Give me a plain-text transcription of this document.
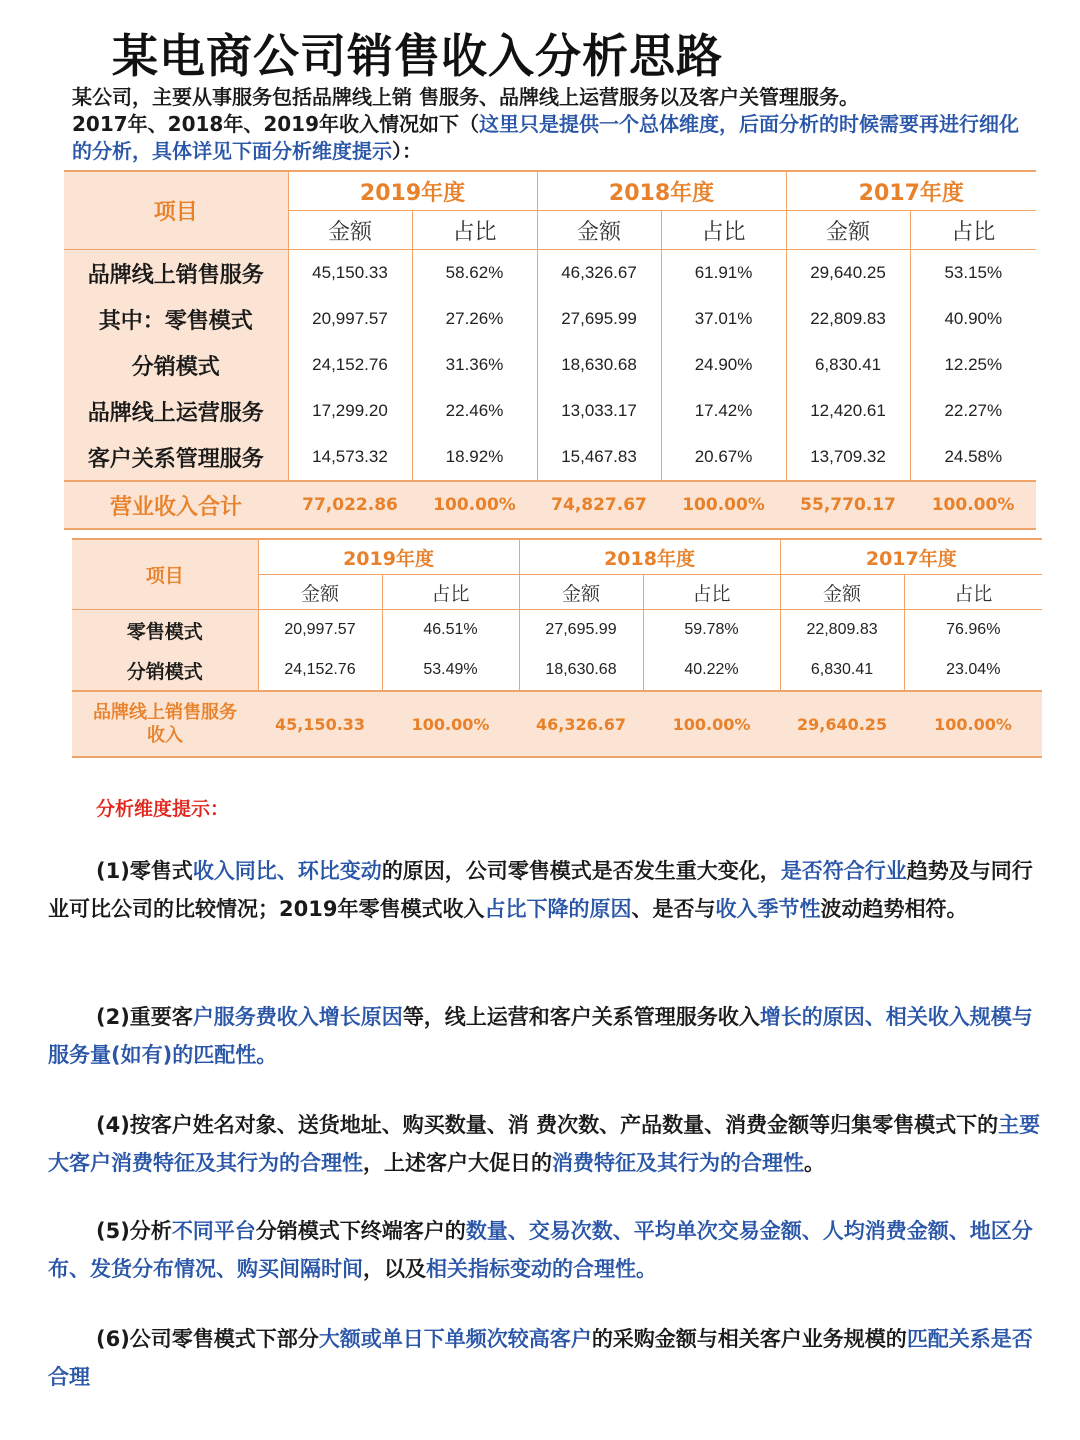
某电商公司销售收入分析思路
某公司，主要从事服务包括品牌线上销 售服务、品牌线上运营服务以及客户关管理服务。
2017年、2018年、2019年收入情况如下（这里只是提供一个总体维度，后面分析的时候需要再进行细化的分析，具体详见下面分析维度提示）：
项目	2019年度		2018年度		2017年度	
	金额	占比	金额	占比	金额	占比
品牌线上销售服务	45,150.33	58.62%	46,326.67	61.91%	29,640.25	53.15%
其中：零售模式	20,997.57	27.26%	27,695.99	37.01%	22,809.83	40.90%
分销模式	24,152.76	31.36%	18,630.68	24.90%	6,830.41	12.25%
品牌线上运营服务	17,299.20	22.46%	13,033.17	17.42%	12,420.61	22.27%
客户关系管理服务	14,573.32	18.92%	15,467.83	20.67%	13,709.32	24.58%
营业收入合计	77,022.86	100.00%	74,827.67	100.00%	55,770.17	100.00%
项目	2019年度		2018年度		2017年度	
	金额	占比	金额	占比	金额	占比
零售模式	20,997.57	46.51%	27,695.99	59.78%	22,809.83	76.96%
分销模式	24,152.76	53.49%	18,630.68	40.22%	6,830.41	23.04%

品牌线上销售服务
收入	45,150.33	100.00%	46,326.67	100.00%	29,640.25	100.00%
分析维度提示：
(1)零售式收入同比、环比变动的原因，公司零售模式是否发生重大变化，是否符合行业趋势及与同行业可比公司的比较情况；2019年零售模式收入占比下降的原因、是否与收入季节性波动趋势相符。
(2)重要客户服务费收入增长原因等，线上运营和客户关系管理服务收入增长的原因、相关收入规模与服务量(如有)的匹配性。
(4)按客户姓名对象、送货地址、购买数量、消 费次数、产品数量、消费金额等归集零售模式下的主要大客户消费特征及其行为的合理性，上述客户大促日的消费特征及其行为的合理性。
(5)分析不同平台分销模式下终端客户的数量、交易次数、平均单次交易金额、人均消费金额、地区分布、发货分布情况、购买间隔时间，以及相关指标变动的合理性。
(6)公司零售模式下部分大额或单日下单频次较高客户的采购金额与相关客户业务规模的匹配关系是否合理
